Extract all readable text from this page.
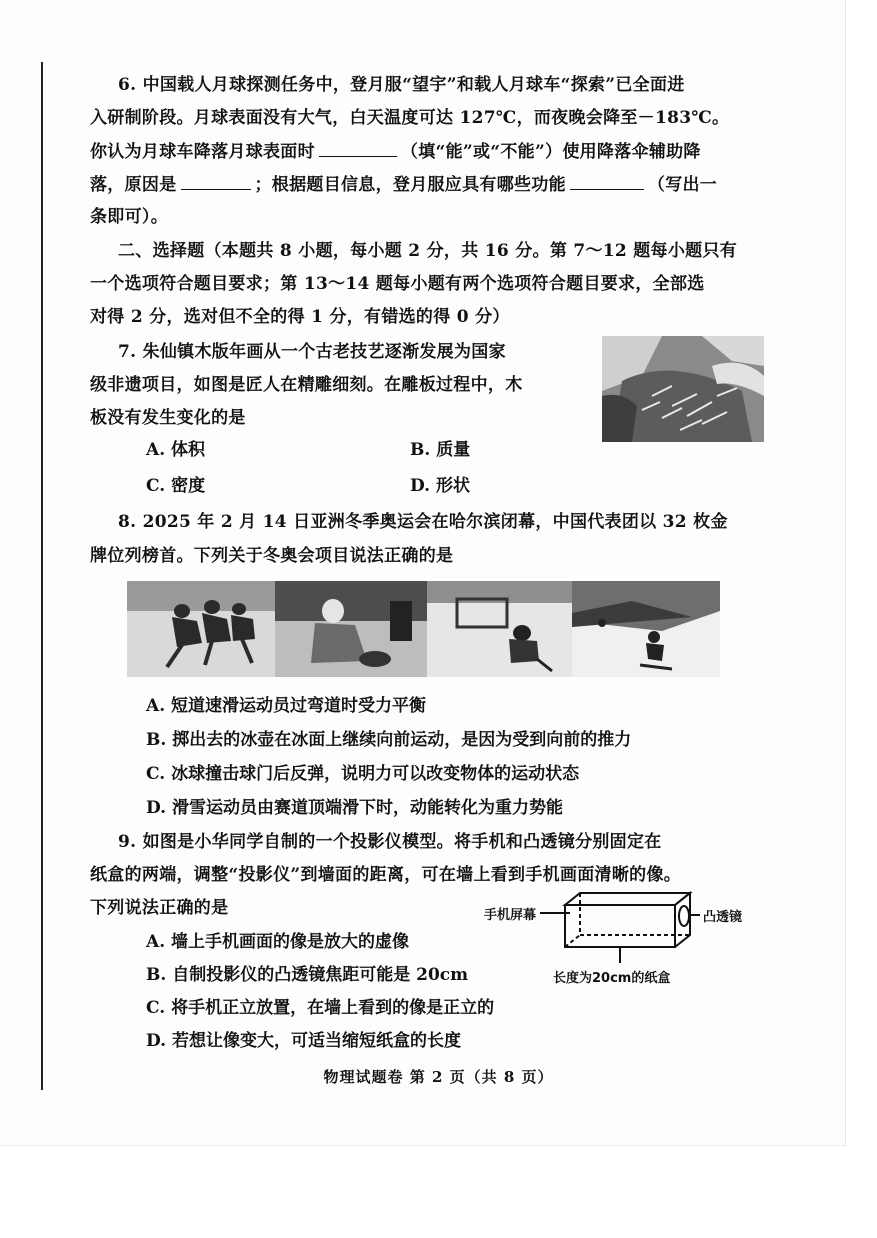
6. 中国载人月球探测任务中，登月服“望宇”和载人月球车“探索”已全面进
入研制阶段。月球表面没有大气，白天温度可达 127℃，而夜晚会降至－183℃。
你认为月球车降落月球表面时	（填“能”或“不能”）使用降落伞辅助降
落，原因是	；根据题目信息，登月服应具有哪些功能	（写出一
条即可）。
二、选择题（本题共 8 小题，每小题 2 分，共 16 分。第 7～12 题每小题只有
一个选项符合题目要求；第 13～14 题每小题有两个选项符合题目要求，全部选
对得 2 分，选对但不全的得 1 分，有错选的得 0 分）
7. 朱仙镇木版年画从一个古老技艺逐渐发展为国家
级非遗项目，如图是匠人在精雕细刻。在雕板过程中，木
板没有发生变化的是
A. 体积	B. 质量
C. 密度	D. 形状
8. 2025 年 2 月 14 日亚洲冬季奥运会在哈尔滨闭幕，中国代表团以 32 枚金
牌位列榜首。下列关于冬奥会项目说法正确的是
A. 短道速滑运动员过弯道时受力平衡
B. 掷出去的冰壶在冰面上继续向前运动，是因为受到向前的推力
C. 冰球撞击球门后反弹，说明力可以改变物体的运动状态
D. 滑雪运动员由赛道顶端滑下时，动能转化为重力势能
9. 如图是小华同学自制的一个投影仪模型。将手机和凸透镜分别固定在
纸盒的两端，调整“投影仪”到墙面的距离，可在墙上看到手机画面清晰的像。
下列说法正确的是
A. 墙上手机画面的像是放大的虚像
B. 自制投影仪的凸透镜焦距可能是 20cm
C. 将手机正立放置，在墙上看到的像是正立的
D. 若想让像变大，可适当缩短纸盒的长度
手机屏幕	凸透镜
长度为20cm的纸盒
物理试题卷 第 2 页（共 8 页）
